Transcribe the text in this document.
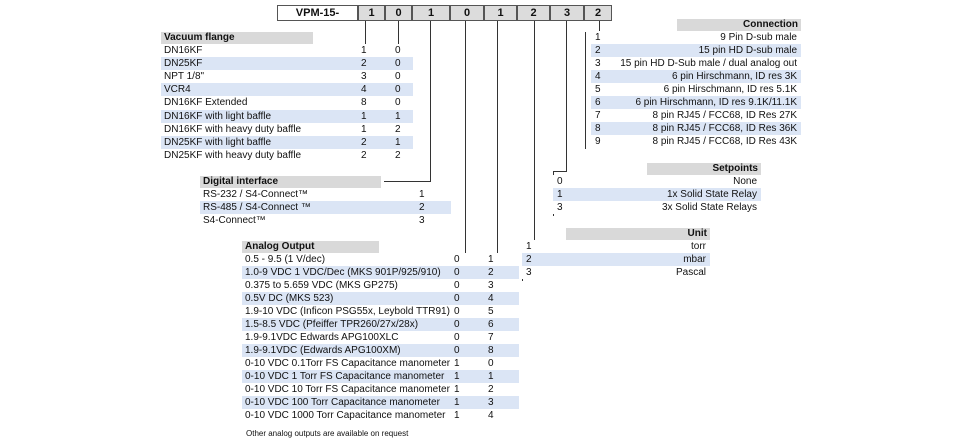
VPM-15-	1	0	1	0	1	2	3	2
Vacuum flange
DN16KF	1	0
DN25KF	2	0
NPT 1/8"	3	0
VCR4	4	0
DN16KF Extended	8	0
DN16KF with light baffle	1	1
DN16KF with heavy duty baffle	1	2
DN25KF with light baffle	2	1
DN25KF with heavy duty baffle	2	2
Digital interface
RS-232 / S4-Connect™	1
RS-485 / S4-Connect ™	2
S4-Connect™	3
Analog Output
0.5 - 9.5 (1 V/dec)	0	1
1.0-9 VDC 1 VDC/Dec (MKS 901P/925/910)	0	2
0.375 to 5.659 VDC (MKS GP275)	0	3
0.5V DC (MKS 523)	0	4
1.9-10 VDC (Inficon PSG55x, Leybold TTR91) 0	5
1.5-8.5 VDC (Pfeiffer TPR260/27x/28x)	0	6
1.9-9.1VDC Edwards APG100XLC	0	7
1.9-9.1VDC (Edwards APG100XM)	0	8
0-10 VDC 0.1Torr FS Capacitance manometer 1	0
0-10 VDC 1 Torr FS Capacitance manometer 1	1
0-10 VDC 10 Torr FS Capacitance manometer 1	2
0-10 VDC 100 Torr Capacitance manometer	1	3
0-10 VDC 1000 Torr Capacitance manometer 1	4
Other analog outputs are available on request
Connection
1	9 Pin D-sub male
2	15 pin HD D-sub male
3	15 pin HD D-Sub male / dual analog out
4	6 pin Hirschmann, ID res 3K
5	6 pin Hirschmann, ID res 5.1K
6	6 pin Hirschmann, ID res 9.1K/11.1K
7	8 pin RJ45 / FCC68, ID Res 27K
8	8 pin RJ45 / FCC68, ID Res 36K
9	8 pin RJ45 / FCC68, ID Res 43K
Setpoints
0	None
1	1x Solid State Relay
3	3x Solid State Relays
Unit
1	torr
2	mbar
3	Pascal
